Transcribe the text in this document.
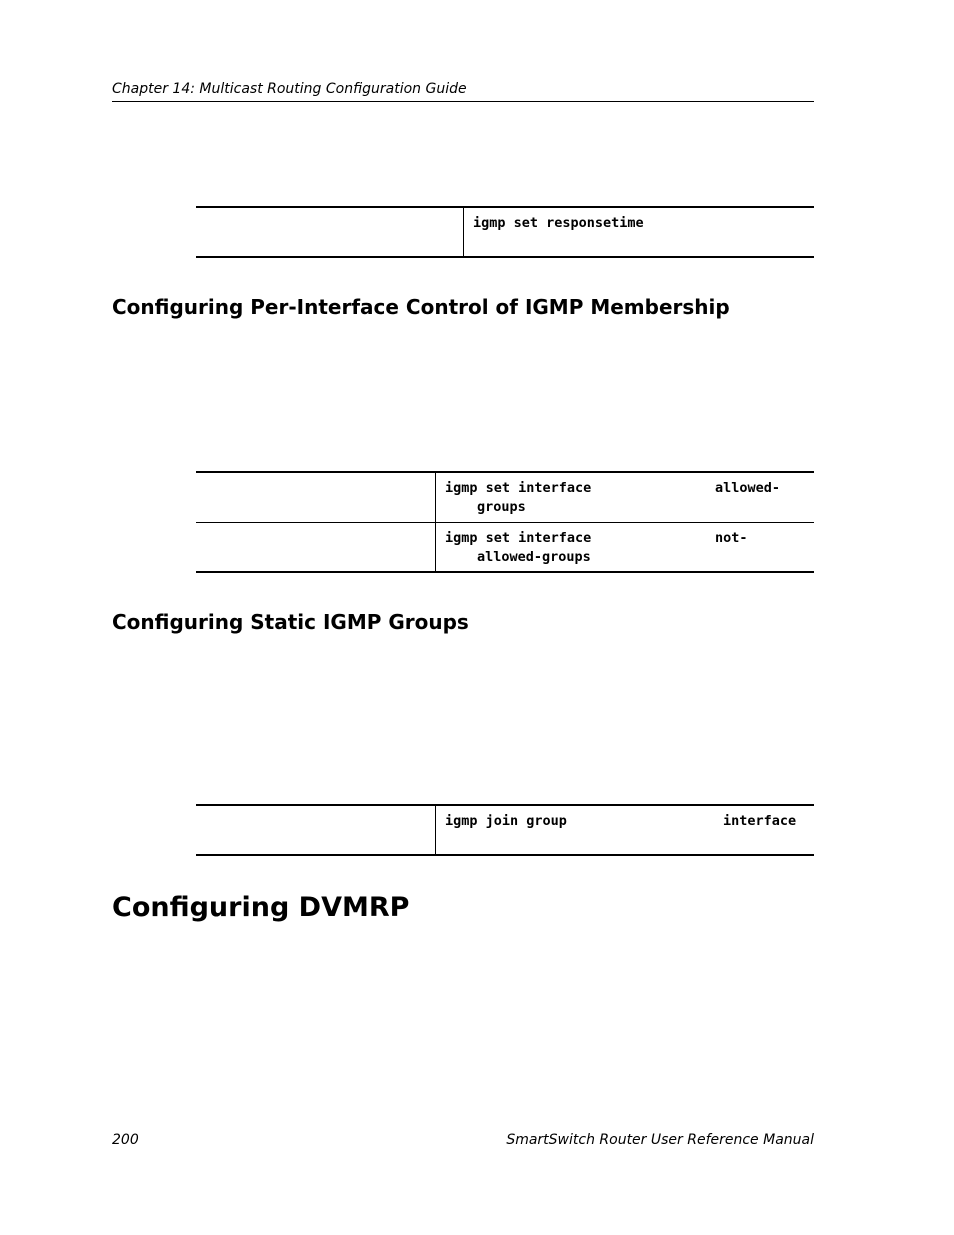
Chapter 14: Multicast Routing Configuration Guide
igmp set responsetime
Configuring Per-Interface Control of IGMP Membership
igmp set interface	allowed-
groups
igmp set interface	not-
allowed-groups
Configuring Static IGMP Groups
igmp join group	interface
Configuring DVMRP
200	SmartSwitch Router User Reference Manual
